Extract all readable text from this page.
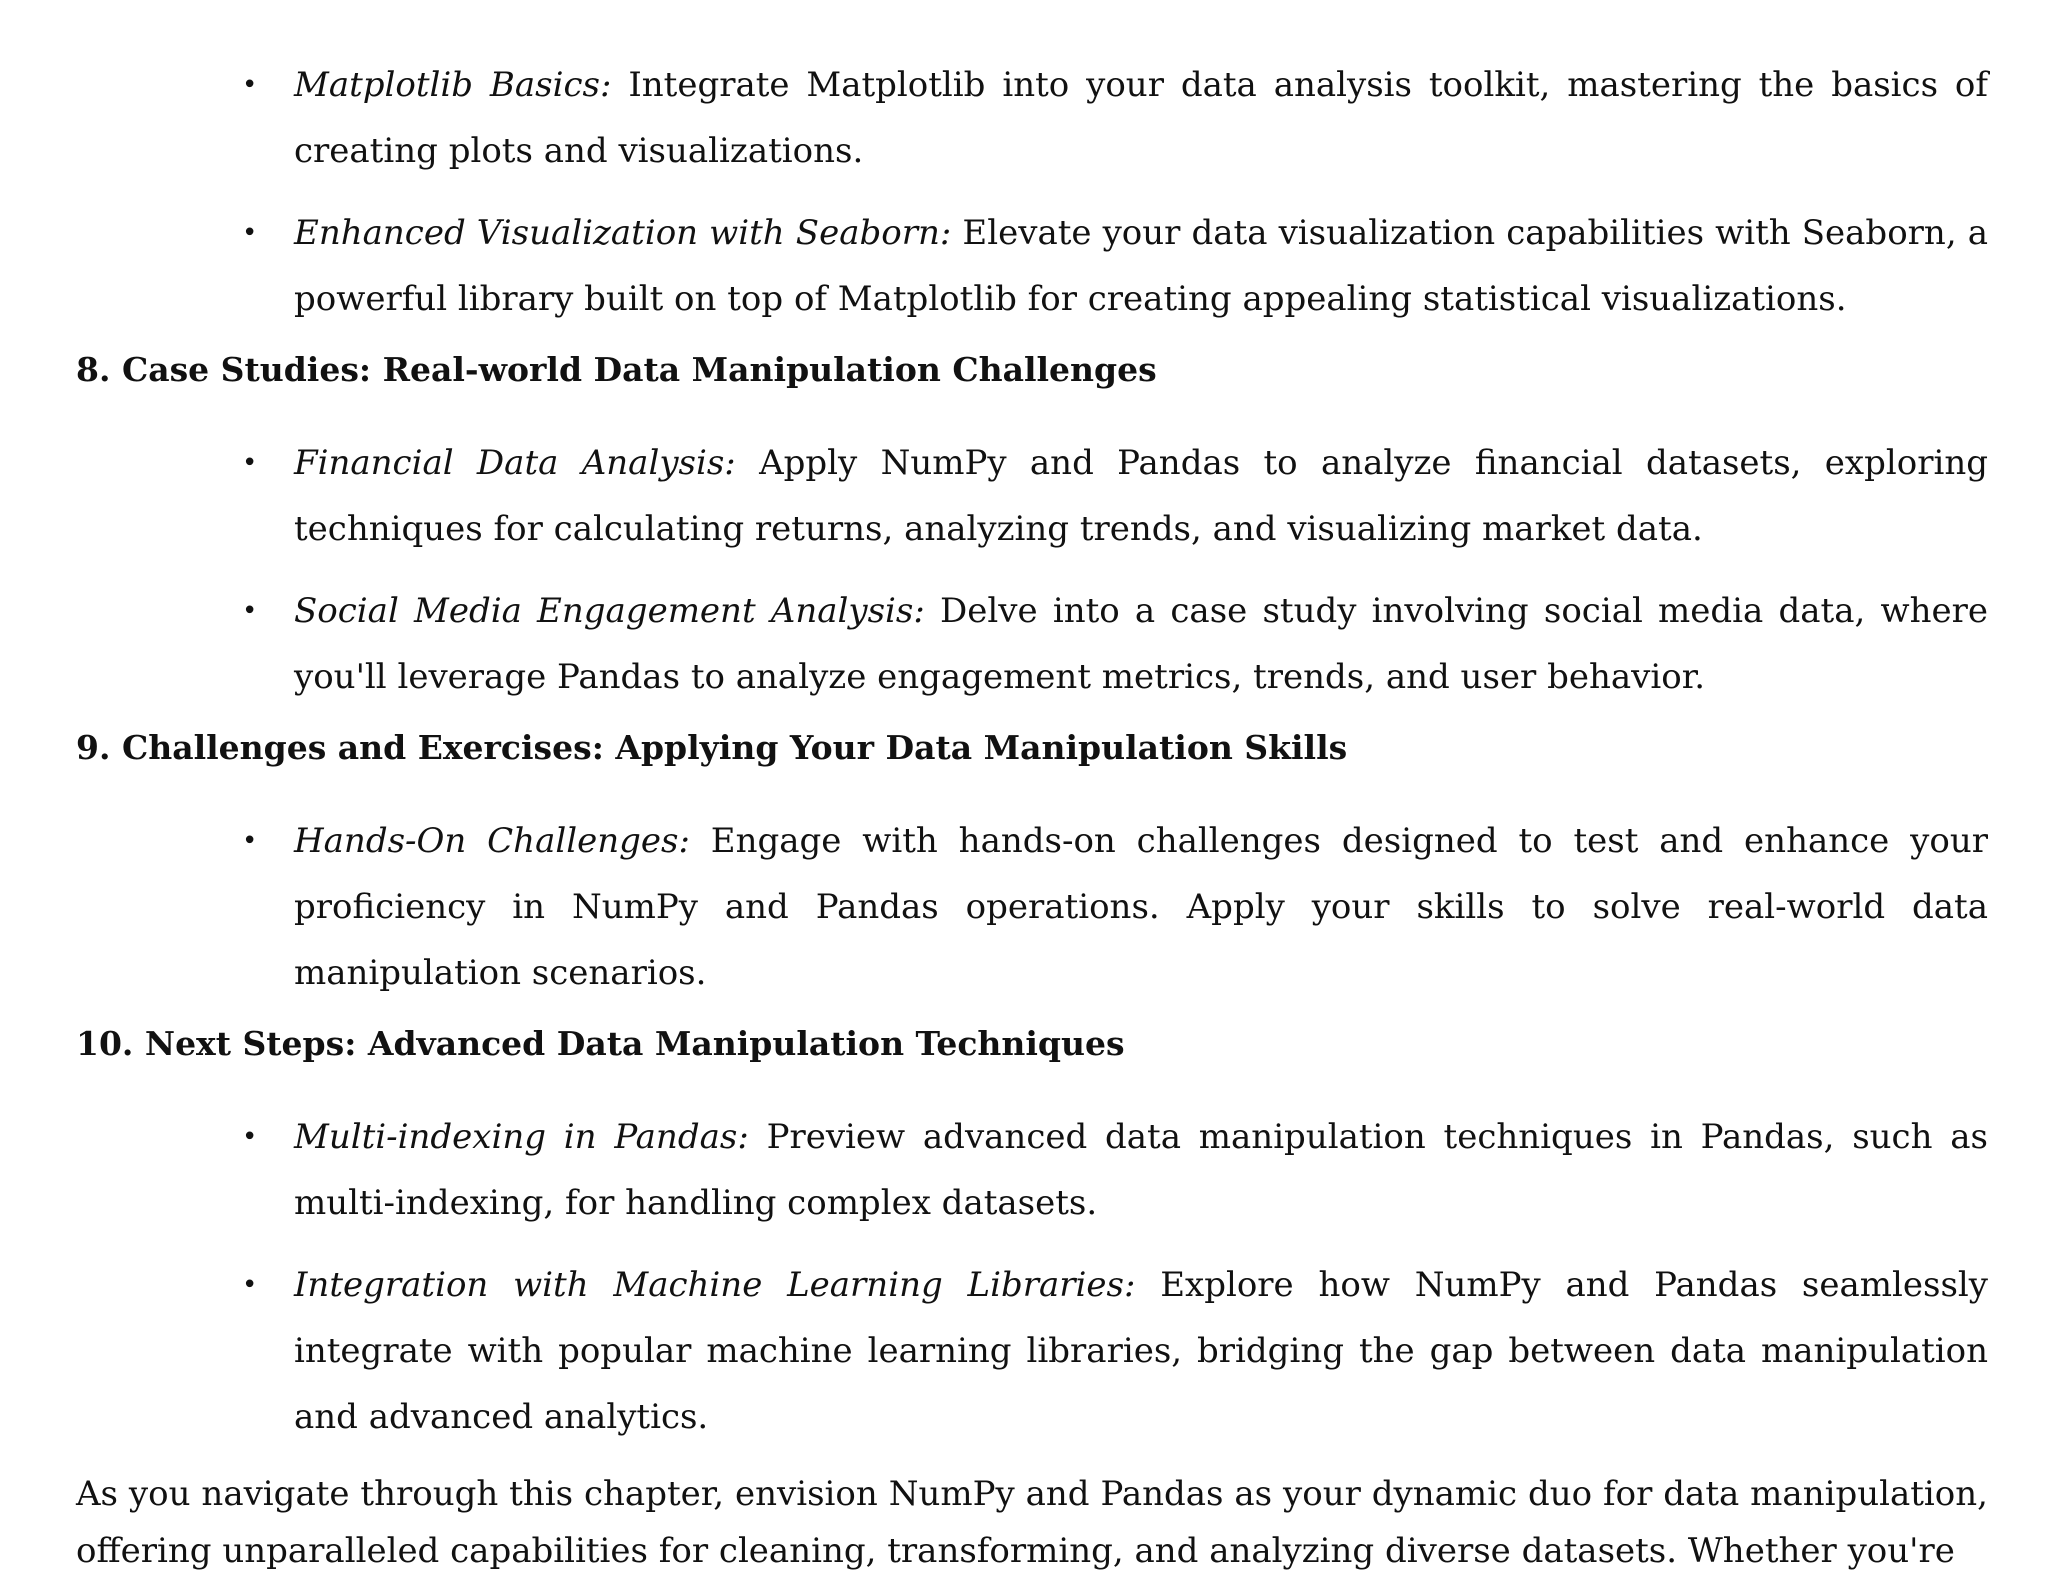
• Matplotlib Basics: Integrate Matplotlib into your data analysis toolkit, mastering the basics of creating plots and visualizations.
• Enhanced Visualization with Seaborn: Elevate your data visualization capabilities with Seaborn, a powerful library built on top of Matplotlib for creating appealing statistical visualizations.
8. Case Studies: Real-world Data Manipulation Challenges
• Financial Data Analysis: Apply NumPy and Pandas to analyze financial datasets, exploring techniques for calculating returns, analyzing trends, and visualizing market data.
• Social Media Engagement Analysis: Delve into a case study involving social media data, where you'll leverage Pandas to analyze engagement metrics, trends, and user behavior.
9. Challenges and Exercises: Applying Your Data Manipulation Skills
• Hands-On Challenges: Engage with hands-on challenges designed to test and enhance your proficiency in NumPy and Pandas operations. Apply your skills to solve real-world data manipulation scenarios.
10. Next Steps: Advanced Data Manipulation Techniques
• Multi-indexing in Pandas: Preview advanced data manipulation techniques in Pandas, such as multi-indexing, for handling complex datasets.
• Integration with Machine Learning Libraries: Explore how NumPy and Pandas seamlessly integrate with popular machine learning libraries, bridging the gap between data manipulation and advanced analytics.

As you navigate through this chapter, envision NumPy and Pandas as your dynamic duo for data manipulation, offering unparalleled capabilities for cleaning, transforming, and analyzing diverse datasets. Whether you're
